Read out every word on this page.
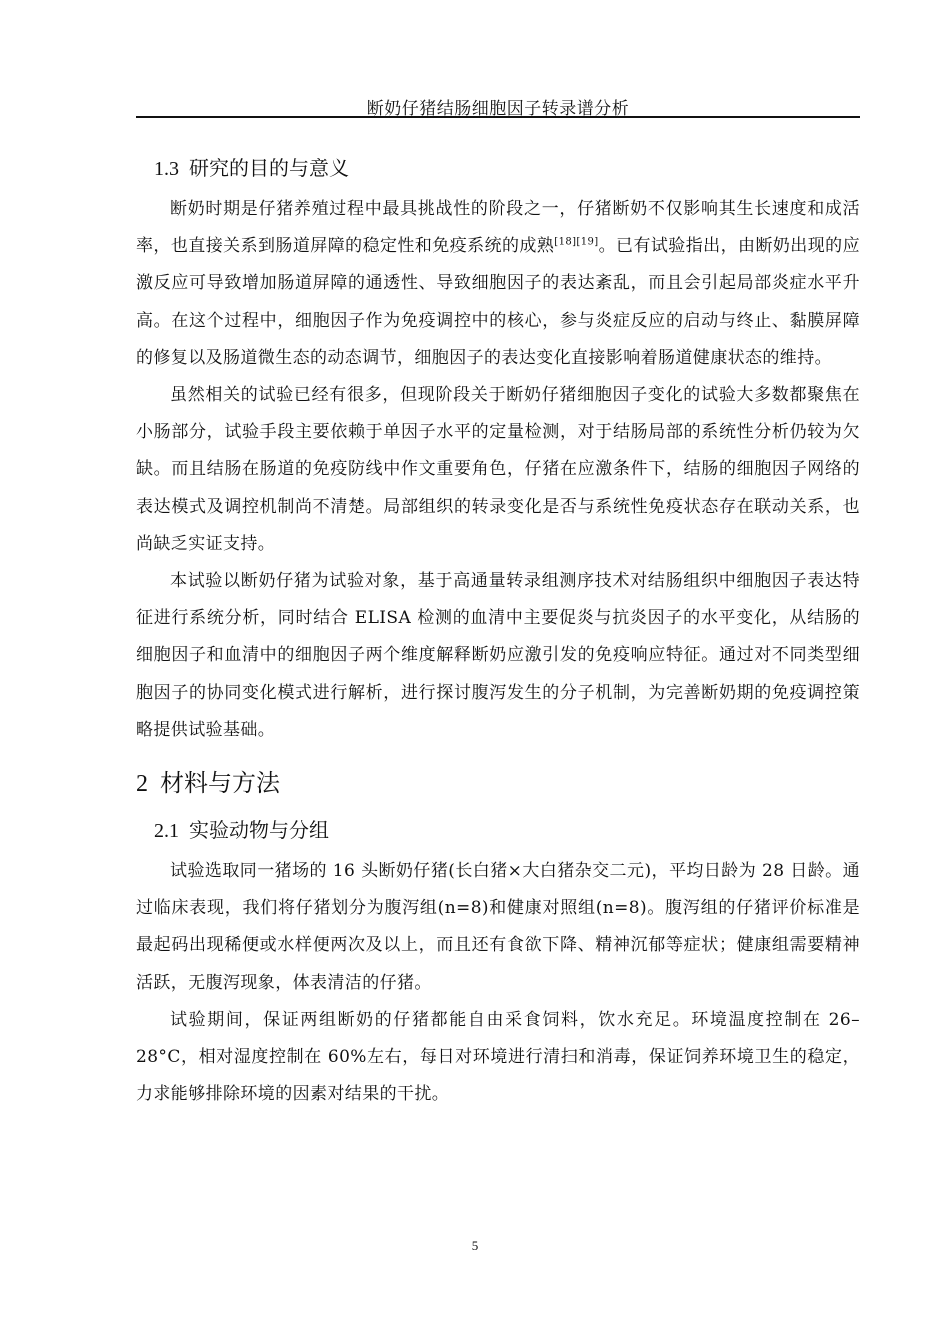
断奶仔猪结肠细胞因子转录谱分析
1.3 研究的目的与意义

断奶时期是仔猪养殖过程中最具挑战性的阶段之一，仔猪断奶不仅影响其生长速度和成活率，也直接关系到肠道屏障的稳定性和免疫系统的成熟[18][19]。已有试验指出，由断奶出现的应激反应可导致增加肠道屏障的通透性、导致细胞因子的表达紊乱，而且会引起局部炎症水平升高。在这个过程中，细胞因子作为免疫调控中的核心，参与炎症反应的启动与终止、黏膜屏障的修复以及肠道微生态的动态调节，细胞因子的表达变化直接影响着肠道健康状态的维持。

虽然相关的试验已经有很多，但现阶段关于断奶仔猪细胞因子变化的试验大多数都聚焦在小肠部分，试验手段主要依赖于单因子水平的定量检测，对于结肠局部的系统性分析仍较为欠缺。而且结肠在肠道的免疫防线中作文重要角色，仔猪在应激条件下，结肠的细胞因子网络的表达模式及调控机制尚不清楚。局部组织的转录变化是否与系统性免疫状态存在联动关系，也尚缺乏实证支持。

本试验以断奶仔猪为试验对象，基于高通量转录组测序技术对结肠组织中细胞因子表达特征进行系统分析，同时结合 ELISA 检测的血清中主要促炎与抗炎因子的水平变化，从结肠的细胞因子和血清中的细胞因子两个维度解释断奶应激引发的免疫响应特征。通过对不同类型细胞因子的协同变化模式进行解析，进行探讨腹泻发生的分子机制，为完善断奶期的免疫调控策略提供试验基础。

2 材料与方法
2.1 实验动物与分组

试验选取同一猪场的 16 头断奶仔猪(长白猪×大白猪杂交二元)，平均日龄为 28 日龄。通过临床表现，我们将仔猪划分为腹泻组(n=8)和健康对照组(n=8)。腹泻组的仔猪评价标准是最起码出现稀便或水样便两次及以上，而且还有食欲下降、精神沉郁等症状；健康组需要精神活跃，无腹泻现象，体表清洁的仔猪。

试验期间，保证两组断奶的仔猪都能自由采食饲料，饮水充足。环境温度控制在 26–28°C，相对湿度控制在 60%左右，每日对环境进行清扫和消毒，保证饲养环境卫生的稳定，力求能够排除环境的因素对结果的干扰。

5
